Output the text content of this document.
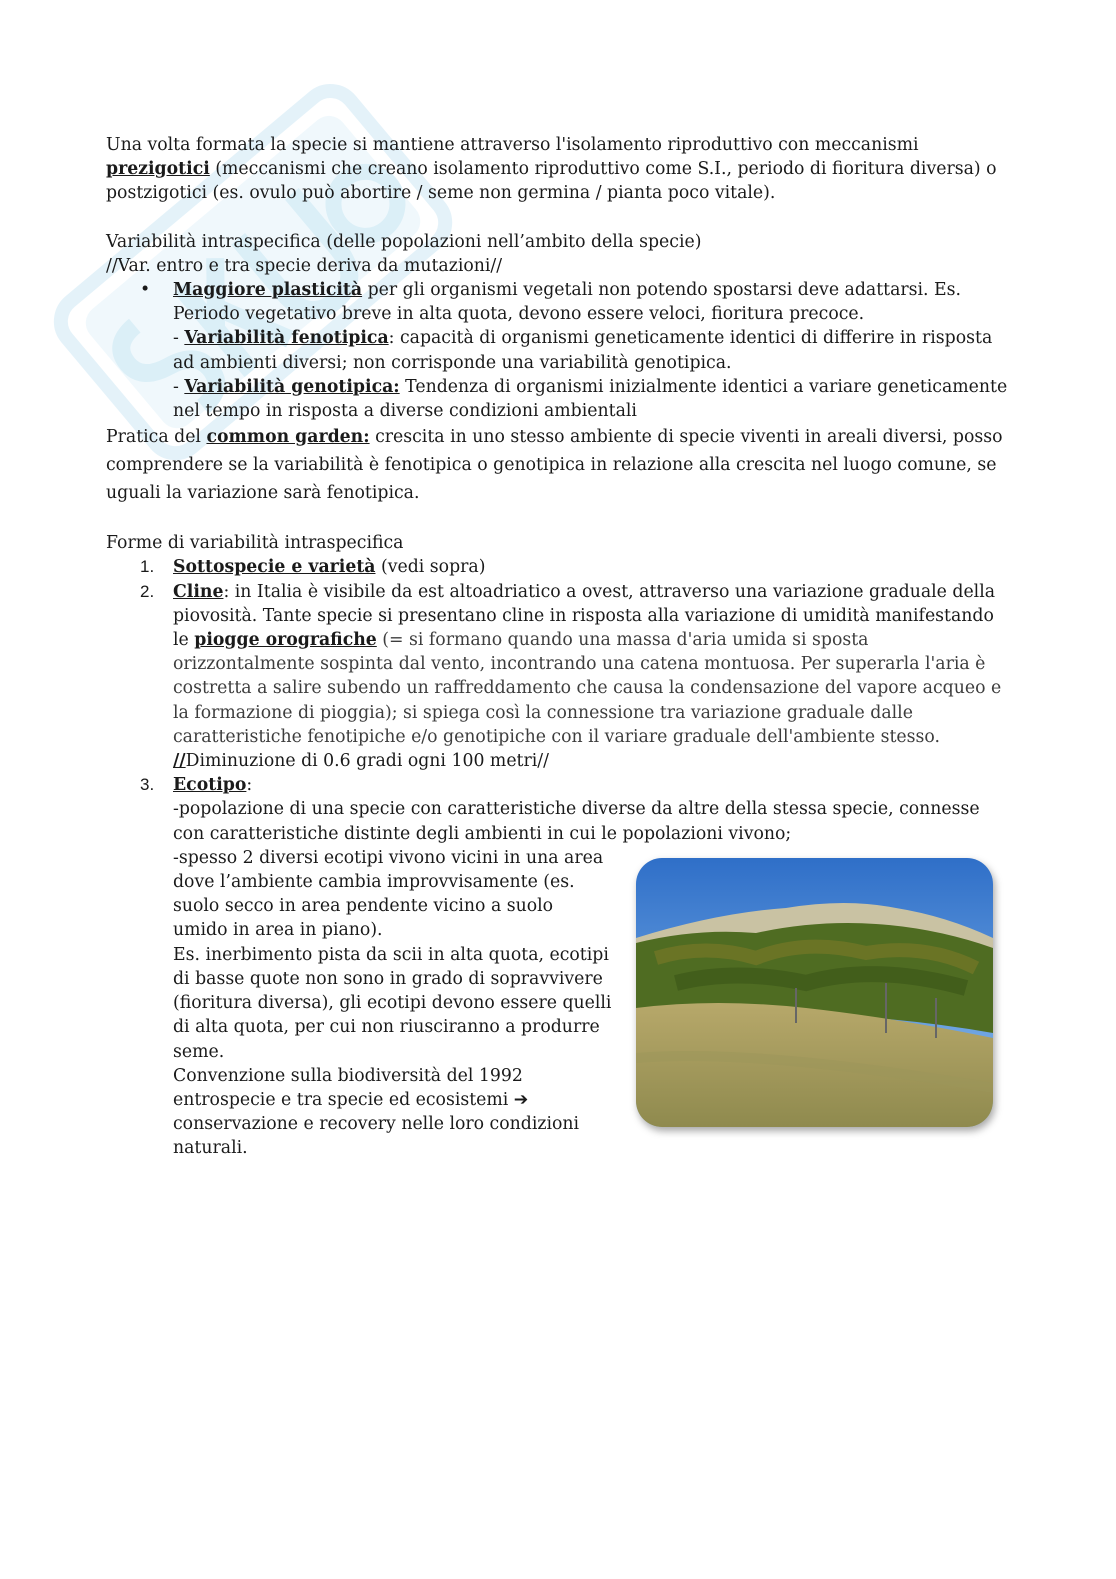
Una volta formata la specie si mantiene attraverso l'isolamento riproduttivo con meccanismi
prezigotici (meccanismi che creano isolamento riproduttivo come S.I., periodo di fioritura diversa) o postzigotici (es. ovulo può abortire / seme non germina / pianta poco vitale).

Variabilità intraspecifica (delle popolazioni nell’ambito della specie)

//Var. entro e tra specie deriva da mutazioni//

• Maggiore plasticità per gli organismi vegetali non potendo spostarsi deve adattarsi. Es. Periodo vegetativo breve in alta quota, devono essere veloci, fioritura precoce.

- Variabilità fenotipica: capacità di organismi geneticamente identici di differire in risposta ad ambienti diversi; non corrisponde una variabilità genotipica.

- Variabilità genotipica: Tendenza di organismi inizialmente identici a variare geneticamente nel tempo in risposta a diverse condizioni ambientali

Pratica del common garden: crescita in uno stesso ambiente di specie viventi in areali diversi, posso comprendere se la variabilità è fenotipica o genotipica in relazione alla crescita nel luogo comune, se uguali la variazione sarà fenotipica.

Forme di variabilità intraspecifica

1. Sottospecie e varietà (vedi sopra)

2. Cline: in Italia è visibile da est altoadriatico a ovest, attraverso una variazione graduale della piovosità. Tante specie si presentano cline in risposta alla variazione di umidità manifestando le piogge orografiche (= si formano quando una massa d'aria umida si sposta orizzontalmente sospinta dal vento, incontrando una catena montuosa. Per superarla l'aria è costretta a salire subendo un raffreddamento che causa la condensazione del vapore acqueo e la formazione di pioggia); si spiega così la connessione tra variazione graduale dalle caratteristiche fenotipiche e/o genotipiche con il variare graduale dell'ambiente stesso.

//Diminuzione di 0.6 gradi ogni 100 metri//

3. Ecotipo:

-popolazione di una specie con caratteristiche diverse da altre della stessa specie, connesse con caratteristiche distinte degli ambienti in cui le popolazioni vivono;

-spesso 2 diversi ecotipi vivono vicini in una area dove l’ambiente cambia improvvisamente (es. suolo secco in area pendente vicino a suolo umido in area in piano).

Es. inerbimento pista da scii in alta quota, ecotipi di basse quote non sono in grado di sopravvivere (fioritura diversa), gli ecotipi devono essere quelli di alta quota, per cui non riusciranno a produrre seme.

Convenzione sulla biodiversità del 1992 entrospecie e tra specie ed ecosistemi ➔ conservazione e recovery nelle loro condizioni naturali.
